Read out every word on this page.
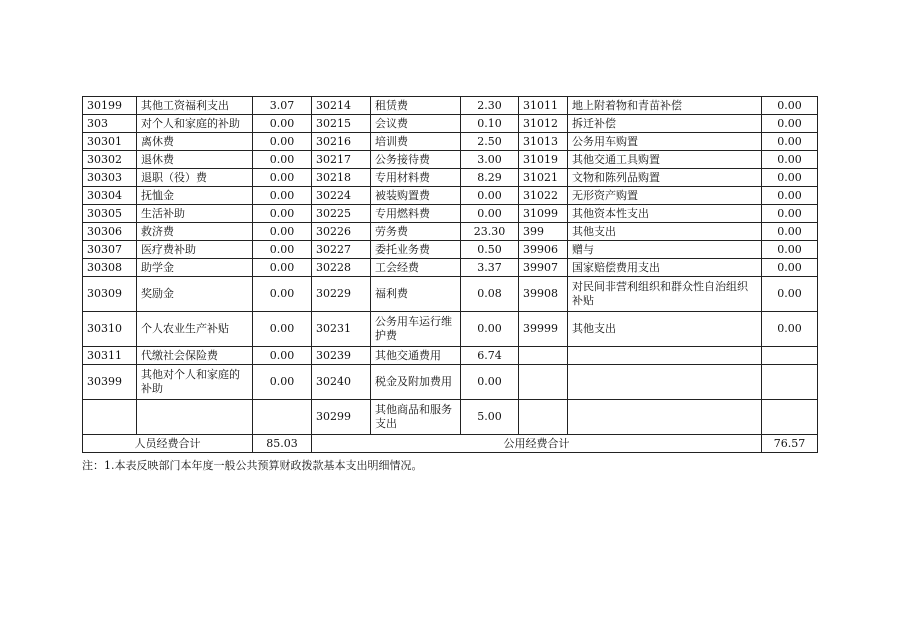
30199	其他工资福利支出	3.07	30214	租赁费	2.30	31011	地上附着物和青苗补偿	0.00
303	对个人和家庭的补助	0.00	30215	会议费	0.10	31012	拆迁补偿	0.00
30301	离休费	0.00	30216	培训费	2.50	31013	公务用车购置	0.00
30302	退休费	0.00	30217	公务接待费	3.00	31019	其他交通工具购置	0.00
30303	退职（役）费	0.00	30218	专用材料费	8.29	31021	文物和陈列品购置	0.00
30304	抚恤金	0.00	30224	被装购置费	0.00	31022	无形资产购置	0.00
30305	生活补助	0.00	30225	专用燃料费	0.00	31099	其他资本性支出	0.00
30306	救济费	0.00	30226	劳务费	23.30	399	其他支出	0.00
30307	医疗费补助	0.00	30227	委托业务费	0.50	39906	赠与	0.00
30308	助学金	0.00	30228	工会经费	3.37	39907	国家赔偿费用支出	0.00
30309	奖励金	0.00	30229	福利费	0.08	39908	对民间非营利组织和群众性自治组织补贴	0.00
30310	个人农业生产补贴	0.00	30231	公务用车运行维护费	0.00	39999	其他支出	0.00
30311	代缴社会保险费	0.00	30239	其他交通费用	6.74			
30399	其他对个人和家庭的补助	0.00	30240	税金及附加费用	0.00			
			30299	其他商品和服务支出	5.00			
人员经费合计		85.03	公用经费合计					76.57
注：1.本表反映部门本年度一般公共预算财政拨款基本支出明细情况。
